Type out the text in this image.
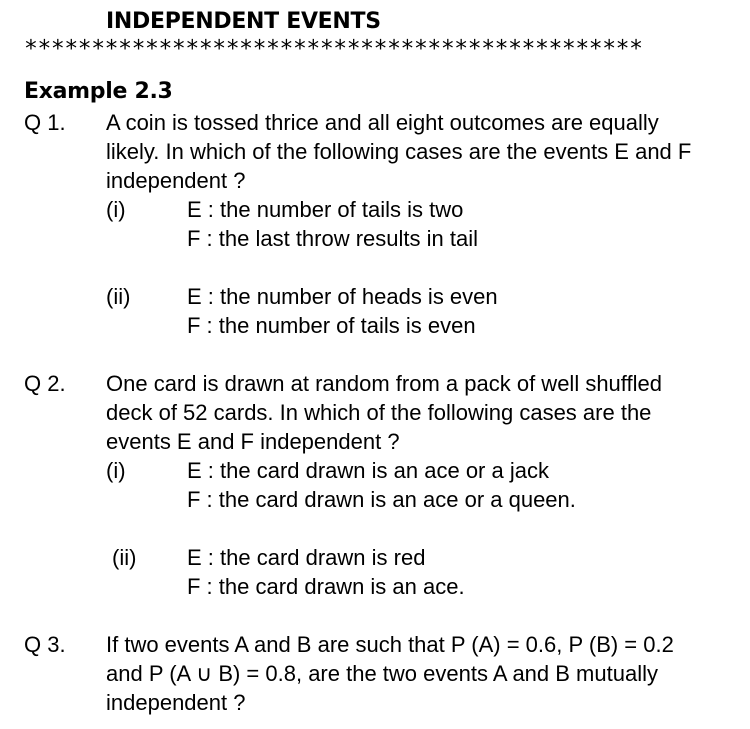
INDEPENDENT EVENTS
**********************************************
Example 2.3
Q 1. A coin is tossed thrice and all eight outcomes are equally likely. In which of the following cases are the events E and F independent ?
(i)	E : the number of tails is two
F : the last throw results in tail
(ii)	E : the number of heads is even
F : the number of tails is even
Q 2. One card is drawn at random from a pack of well shuffled deck of 52 cards. In which of the following cases are the events E and F independent ?
(i)	E : the card drawn is an ace or a jack
F : the card drawn is an ace or a queen.
(ii) E : the card drawn is red
F : the card drawn is an ace.
Q 3. If two events A and B are such that P (A) = 0.6, P (B) = 0.2 and P (A ∪ B) = 0.8, are the two events A and B mutually independent ?
